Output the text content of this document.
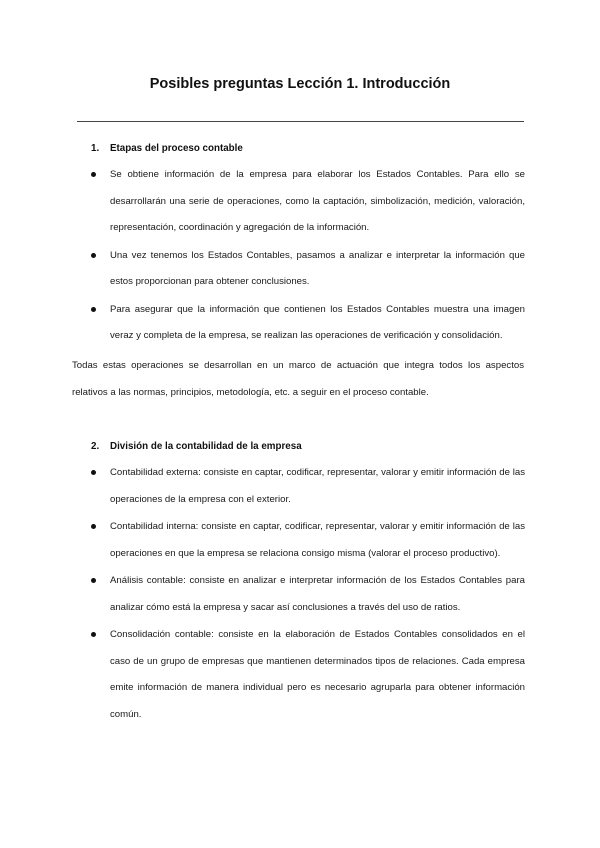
Posibles preguntas Lección 1. Introducción
1.	Etapas del proceso contable
Se obtiene información de la empresa para elaborar los Estados Contables. Para ello se desarrollarán una serie de operaciones, como la captación, simbolización, medición, valoración, representación, coordinación y agregación de la información.
Una vez tenemos los Estados Contables, pasamos a analizar e interpretar la información que estos proporcionan para obtener conclusiones.
Para asegurar que la información que contienen los Estados Contables muestra una imagen veraz y completa de la empresa, se realizan las operaciones de verificación y consolidación.
Todas estas operaciones se desarrollan en un marco de actuación que integra todos los aspectos relativos a las normas, principios, metodología, etc. a seguir en el proceso contable.
2.	División de la contabilidad de la empresa
Contabilidad externa: consiste en captar, codificar, representar, valorar y emitir información de las operaciones de la empresa con el exterior.
Contabilidad interna: consiste en captar, codificar, representar, valorar y emitir información de las operaciones en que la empresa se relaciona consigo misma (valorar el proceso productivo).
Análisis contable: consiste en analizar e interpretar información de los Estados Contables para analizar cómo está la empresa y sacar así conclusiones a través del uso de ratios.
Consolidación contable: consiste en la elaboración de Estados Contables consolidados en el caso de un grupo de empresas que mantienen determinados tipos de relaciones. Cada empresa emite información de manera individual pero es necesario agruparla para obtener información común.
